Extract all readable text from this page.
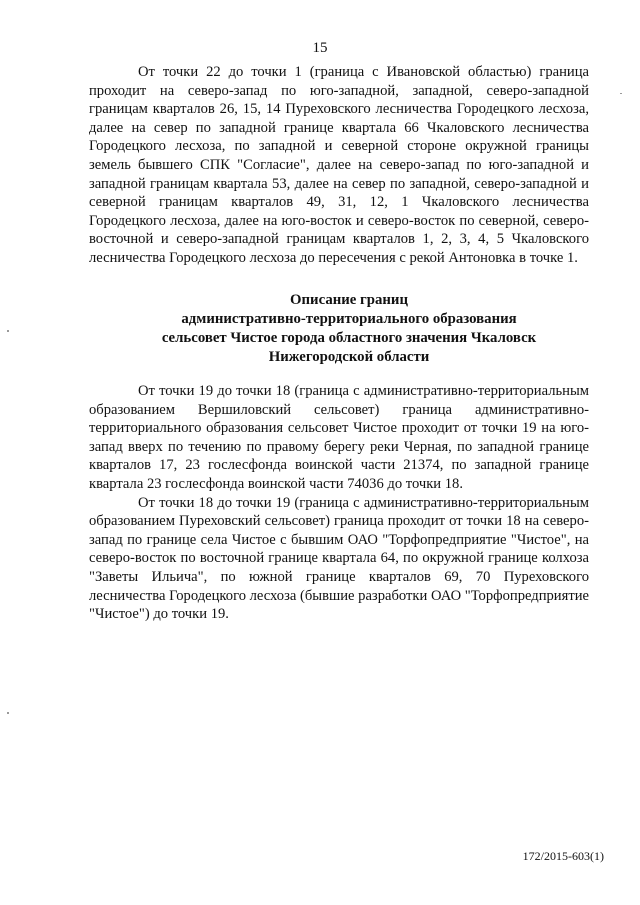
15

От точки 22 до точки 1 (граница с Ивановской областью) граница проходит на северо-запад по юго-западной, западной, северо-западной границам кварталов 26, 15, 14 Пуреховского лесничества Городецкого лесхоза, далее на север по западной границе квартала 66 Чкаловского лесничества Городецкого лесхоза, по западной и северной стороне окружной границы земель бывшего СПК "Согласие", далее на северо-запад по юго-западной и западной границам квартала 53, далее на север по западной, северо-западной и северной границам кварталов 49, 31, 12, 1 Чкаловского лесничества Городецкого лесхоза, далее на юго-восток и северо-восток по северной, северо-восточной и северо-западной границам кварталов 1, 2, 3, 4, 5 Чкаловского лесничества Городецкого лесхоза до пересечения с рекой Антоновка в точке 1.

Описание границ
административно-территориального образования
сельсовет Чистое города областного значения Чкаловск
Нижегородской области

От точки 19 до точки 18 (граница с административно-территориальным образованием Вершиловский сельсовет) граница административно-территориального образования сельсовет Чистое проходит от точки 19 на юго-запад вверх по течению по правому берегу реки Черная, по западной границе кварталов 17, 23 гослесфонда воинской части 21374, по западной границе квартала 23 гослесфонда воинской части 74036 до точки 18.

От точки 18 до точки 19 (граница с административно-территориальным образованием Пуреховский сельсовет) граница проходит от точки 18 на северо-запад по границе села Чистое с бывшим ОАО "Торфопредприятие "Чистое", на северо-восток по восточной границе квартала 64, по окружной границе колхоза "Заветы Ильича", по южной границе кварталов 69, 70 Пуреховского лесничества Городецкого лесхоза (бывшие разработки ОАО "Торфопредприятие "Чистое") до точки 19.

172/2015-603(1)
